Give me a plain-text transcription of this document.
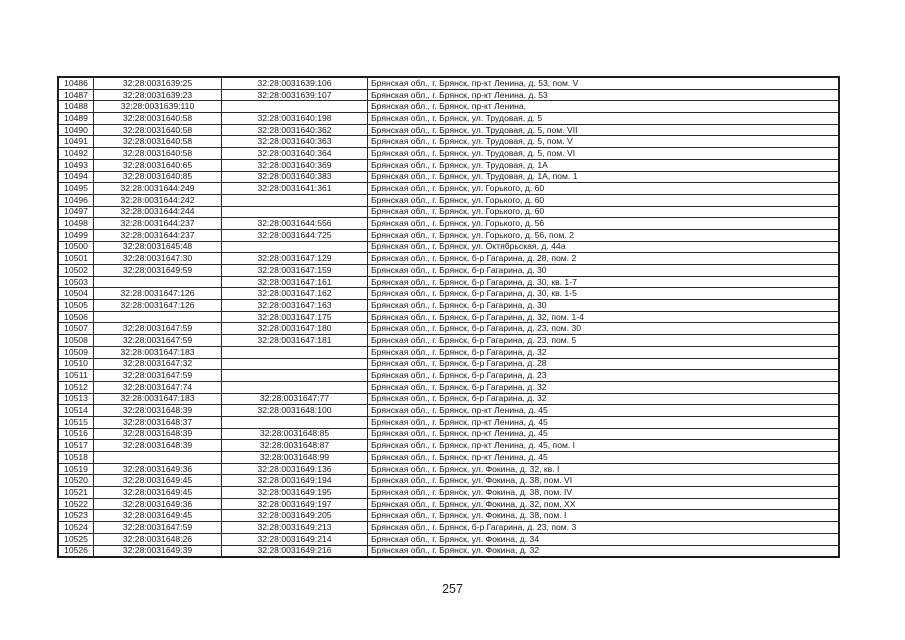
10486	32:28:0031639:25	32:28:0031639:106	Брянская обл., г. Брянск, пр-кт Ленина, д. 53, пом. V
10487	32:28:0031639:23	32:28:0031639:107	Брянская обл., г. Брянск, пр-кт Ленина, д. 53
10488	32:28:0031639:110		Брянская обл., г. Брянск, пр-кт Ленина,
10489	32:28:0031640:58	32:28:0031640:198	Брянская обл., г. Брянск, ул. Трудовая, д. 5
10490	32:28:0031640:58	32:28:0031640:362	Брянская обл., г. Брянск, ул. Трудовая, д. 5, пом. VII
10491	32:28:0031640:58	32:28:0031640:363	Брянская обл., г. Брянск, ул. Трудовая, д. 5, пом. V
10492	32:28:0031640:58	32:28:0031640:364	Брянская обл., г. Брянск, ул. Трудовая, д. 5, пом. VI
10493	32:28:0031640:65	32:28:0031640:369	Брянская обл., г. Брянск, ул. Трудовая, д. 1А
10494	32:28:0031640:85	32:28:0031640:383	Брянская обл., г. Брянск, ул. Трудовая, д. 1А, пом. 1
10495	32:28:0031644:249	32:28:0031641:361	Брянская обл., г. Брянск, ул. Горького, д. 60
10496	32:28:0031644:242		Брянская обл., г. Брянск, ул. Горького, д. 60
10497	32:28:0031644:244		Брянская обл., г. Брянск, ул. Горького, д. 60
10498	32:28:0031644:237	32:28:0031644:556	Брянская обл., г. Брянск, ул. Горького, д. 56
10499	32:28:0031644:237	32:28:0031644:725	Брянская обл., г. Брянск, ул. Горького, д. 56, пом. 2
10500	32:28:0031645:48		Брянская обл., г. Брянск, ул. Октябрьская, д. 44а
10501	32:28:0031647:30	32:28:0031647:129	Брянская обл., г. Брянск, б-р Гагарина, д. 28, пом. 2
10502	32:28:0031649:59	32:28:0031647:159	Брянская обл., г. Брянск, б-р Гагарина, д. 30
10503		32:28:0031647:161	Брянская обл., г. Брянск, б-р Гагарина, д. 30, кв. 1-7
10504	32:28:0031647:126	32:28:0031647:162	Брянская обл., г. Брянск, б-р Гагарина, д. 30, кв. 1-5
10505	32:28:0031647:126	32:28:0031647:163	Брянская обл., г. Брянск, б-р Гагарина, д. 30
10506		32:28:0031647:175	Брянская обл., г. Брянск, б-р Гагарина, д. 32, пом. 1-4
10507	32:28:0031647:59	32:28:0031647:180	Брянская обл., г. Брянск, б-р Гагарина, д. 23, пом. 30
10508	32:28:0031647:59	32:28:0031647:181	Брянская обл., г. Брянск, б-р Гагарина, д. 23, пом. 5
10509	32:28:0031647:183		Брянская обл., г. Брянск, б-р Гагарина, д. 32
10510	32:28:0031647:32		Брянская обл., г. Брянск, б-р Гагарина, д. 28
10511	32:28:0031647:59		Брянская обл., г. Брянск, б-р Гагарина, д. 23
10512	32:28:0031647:74		Брянская обл., г. Брянск, б-р Гагарина, д. 32
10513	32:28:0031647:183	32:28:0031647:77	Брянская обл., г. Брянск, б-р Гагарина, д. 32
10514	32:28:0031648:39	32:28:0031648:100	Брянская обл., г. Брянск, пр-кт Ленина, д. 45
10515	32:28:0031648:37		Брянская обл., г. Брянск, пр-кт Ленина, д. 45
10516	32:28:0031648:39	32:28:0031648:85	Брянская обл., г. Брянск, пр-кт Ленина, д. 45
10517	32:28:0031648:39	32:28:0031648:87	Брянская обл., г. Брянск, пр-кт Ленина, д. 45, пом. I
10518		32:28:0031648:99	Брянская обл., г. Брянск, пр-кт Ленина, д. 45
10519	32:28:0031649:36	32:28:0031649:136	Брянская обл., г. Брянск, ул. Фокина, д. 32, кв. I
10520	32:28:0031649:45	32:28:0031649:194	Брянская обл., г. Брянск, ул. Фокина, д. 38, пом. VI
10521	32:28:0031649:45	32:28:0031649:195	Брянская обл., г. Брянск, ул. Фокина, д. 38, пом. IV
10522	32:28:0031649:36	32:28:0031649:197	Брянская обл., г. Брянск, ул. Фокина, д. 32, пом. XX
10523	32:28:0031649:45	32:28:0031649:205	Брянская обл., г. Брянск, ул. Фокина, д. 38, пом. I
10524	32:28:0031647:59	32:28:0031649:213	Брянская обл., г. Брянск, б-р Гагарина, д. 23, пом. 3
10525	32:28:0031648:26	32:28:0031649:214	Брянская обл., г. Брянск, ул. Фокина, д. 34
10526	32:28:0031649:39	32:28:0031649:216	Брянская обл., г. Брянск, ул. Фокина, д. 32
257
